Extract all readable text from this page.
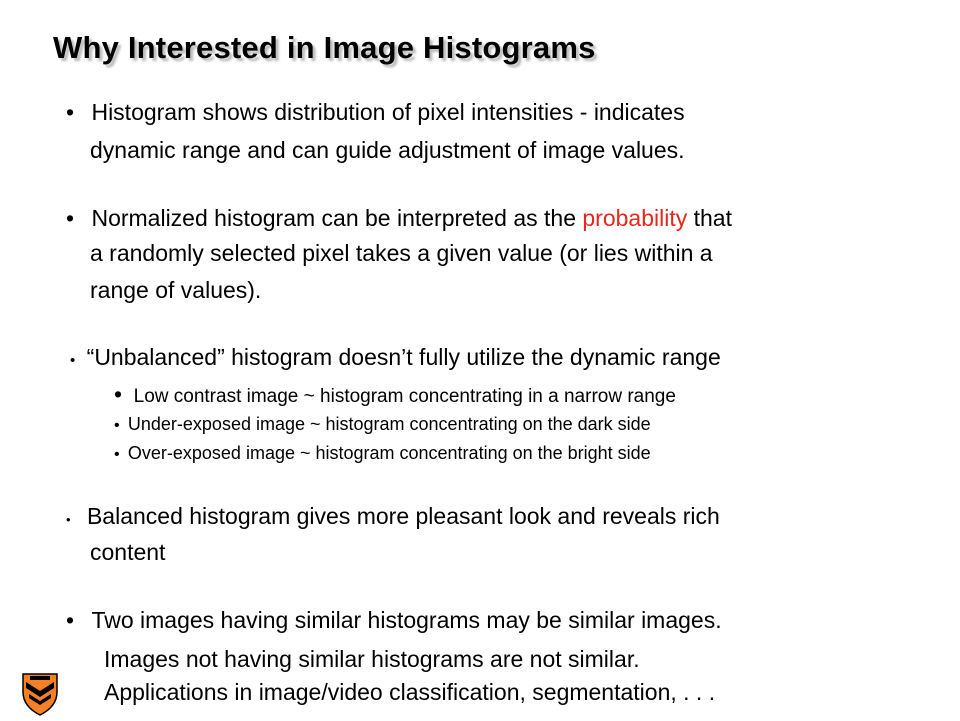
Why Interested in Image Histograms
• Histogram shows distribution of pixel intensities - indicates
dynamic range and can guide adjustment of image values.
• Normalized histogram can be interpreted as the probability that
a randomly selected pixel takes a given value (or lies within a
range of values).
• “Unbalanced” histogram doesn’t fully utilize the dynamic range
• Low contrast image ~ histogram concentrating in a narrow range
• Under-exposed image ~ histogram concentrating on the dark side
• Over-exposed image ~ histogram concentrating on the bright side
• Balanced histogram gives more pleasant look and reveals rich
content
• Two images having similar histograms may be similar images.
Images not having similar histograms are not similar.
Applications in image/video classification, segmentation, . . .
